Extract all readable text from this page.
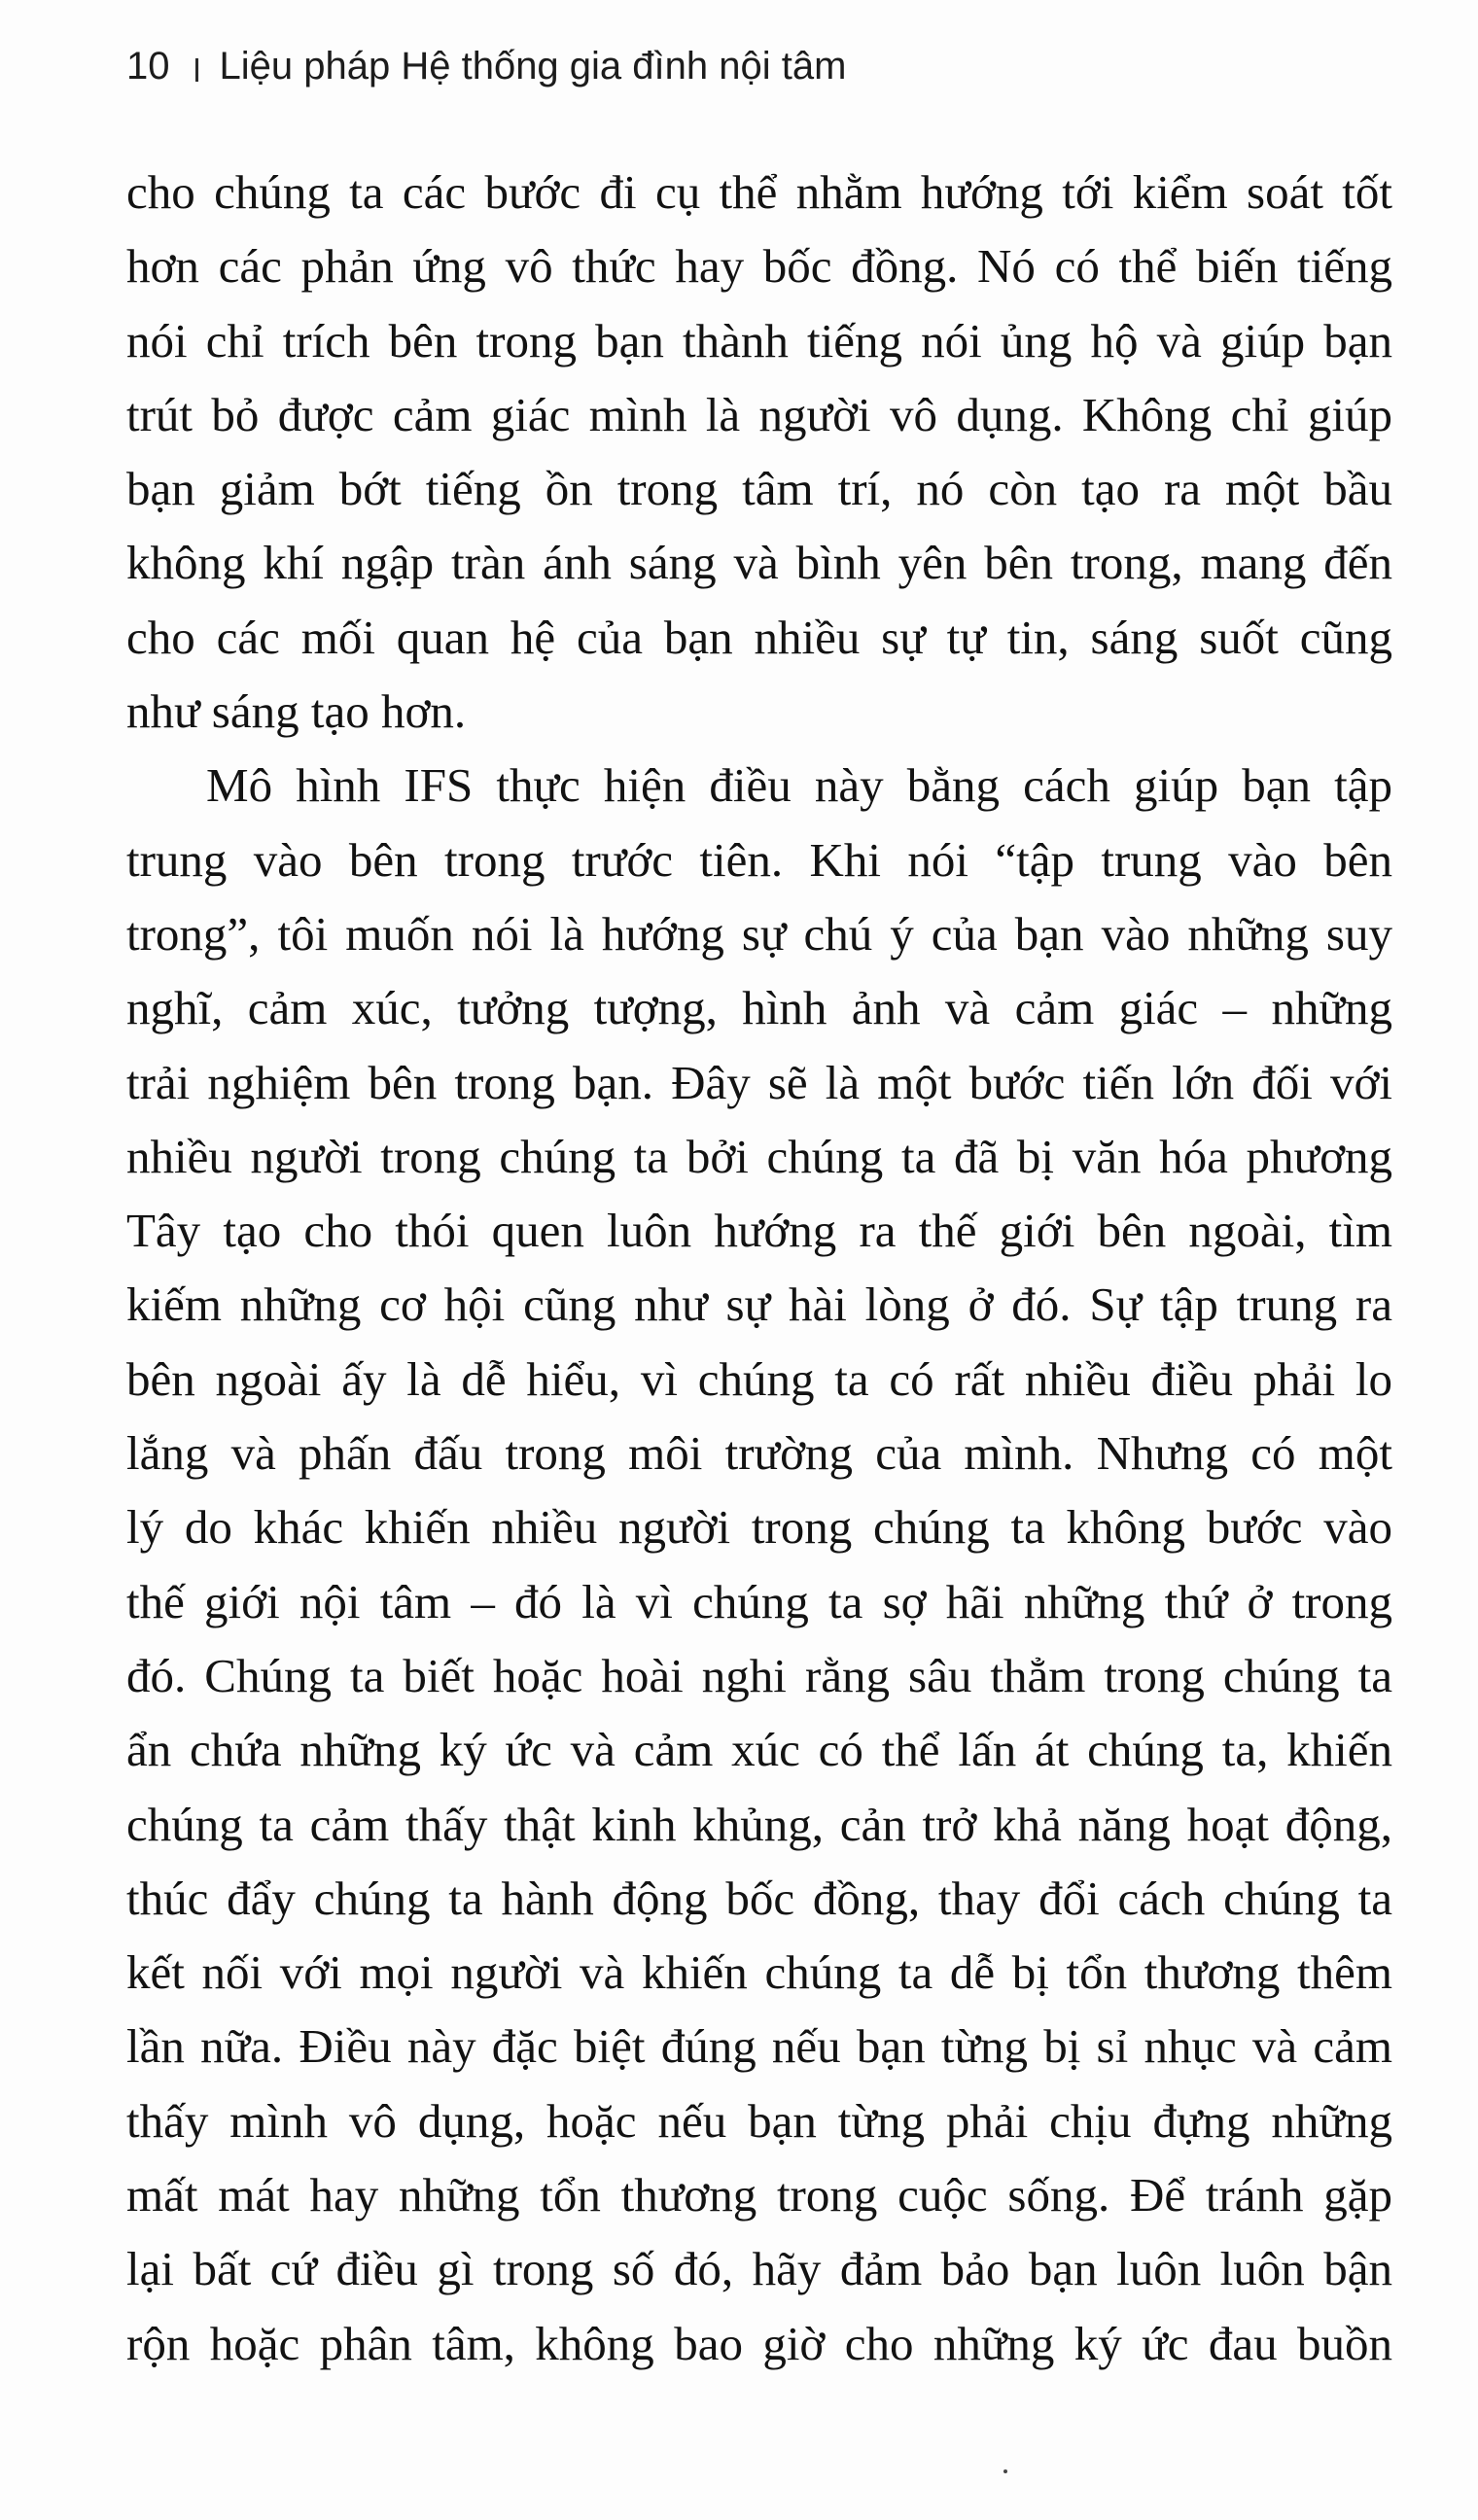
10 Liệu pháp Hệ thống gia đình nội tâm
cho chúng ta các bước đi cụ thể nhằm hướng tới kiểm soát tốt
hơn các phản ứng vô thức hay bốc đồng. Nó có thể biến tiếng
nói chỉ trích bên trong bạn thành tiếng nói ủng hộ và giúp bạn
trút bỏ được cảm giác mình là người vô dụng. Không chỉ giúp
bạn giảm bớt tiếng ồn trong tâm trí, nó còn tạo ra một bầu
không khí ngập tràn ánh sáng và bình yên bên trong, mang đến
cho các mối quan hệ của bạn nhiều sự tự tin, sáng suốt cũng
như sáng tạo hơn.
Mô hình IFS thực hiện điều này bằng cách giúp bạn tập
trung vào bên trong trước tiên. Khi nói “tập trung vào bên
trong”, tôi muốn nói là hướng sự chú ý của bạn vào những suy
nghĩ, cảm xúc, tưởng tượng, hình ảnh và cảm giác – những
trải nghiệm bên trong bạn. Đây sẽ là một bước tiến lớn đối với
nhiều người trong chúng ta bởi chúng ta đã bị văn hóa phương
Tây tạo cho thói quen luôn hướng ra thế giới bên ngoài, tìm
kiếm những cơ hội cũng như sự hài lòng ở đó. Sự tập trung ra
bên ngoài ấy là dễ hiểu, vì chúng ta có rất nhiều điều phải lo
lắng và phấn đấu trong môi trường của mình. Nhưng có một
lý do khác khiến nhiều người trong chúng ta không bước vào
thế giới nội tâm – đó là vì chúng ta sợ hãi những thứ ở trong
đó. Chúng ta biết hoặc hoài nghi rằng sâu thẳm trong chúng ta
ẩn chứa những ký ức và cảm xúc có thể lấn át chúng ta, khiến
chúng ta cảm thấy thật kinh khủng, cản trở khả năng hoạt động,
thúc đẩy chúng ta hành động bốc đồng, thay đổi cách chúng ta
kết nối với mọi người và khiến chúng ta dễ bị tổn thương thêm
lần nữa. Điều này đặc biệt đúng nếu bạn từng bị sỉ nhục và cảm
thấy mình vô dụng, hoặc nếu bạn từng phải chịu đựng những
mất mát hay những tổn thương trong cuộc sống. Để tránh gặp
lại bất cứ điều gì trong số đó, hãy đảm bảo bạn luôn luôn bận
rộn hoặc phân tâm, không bao giờ cho những ký ức đau buồn
